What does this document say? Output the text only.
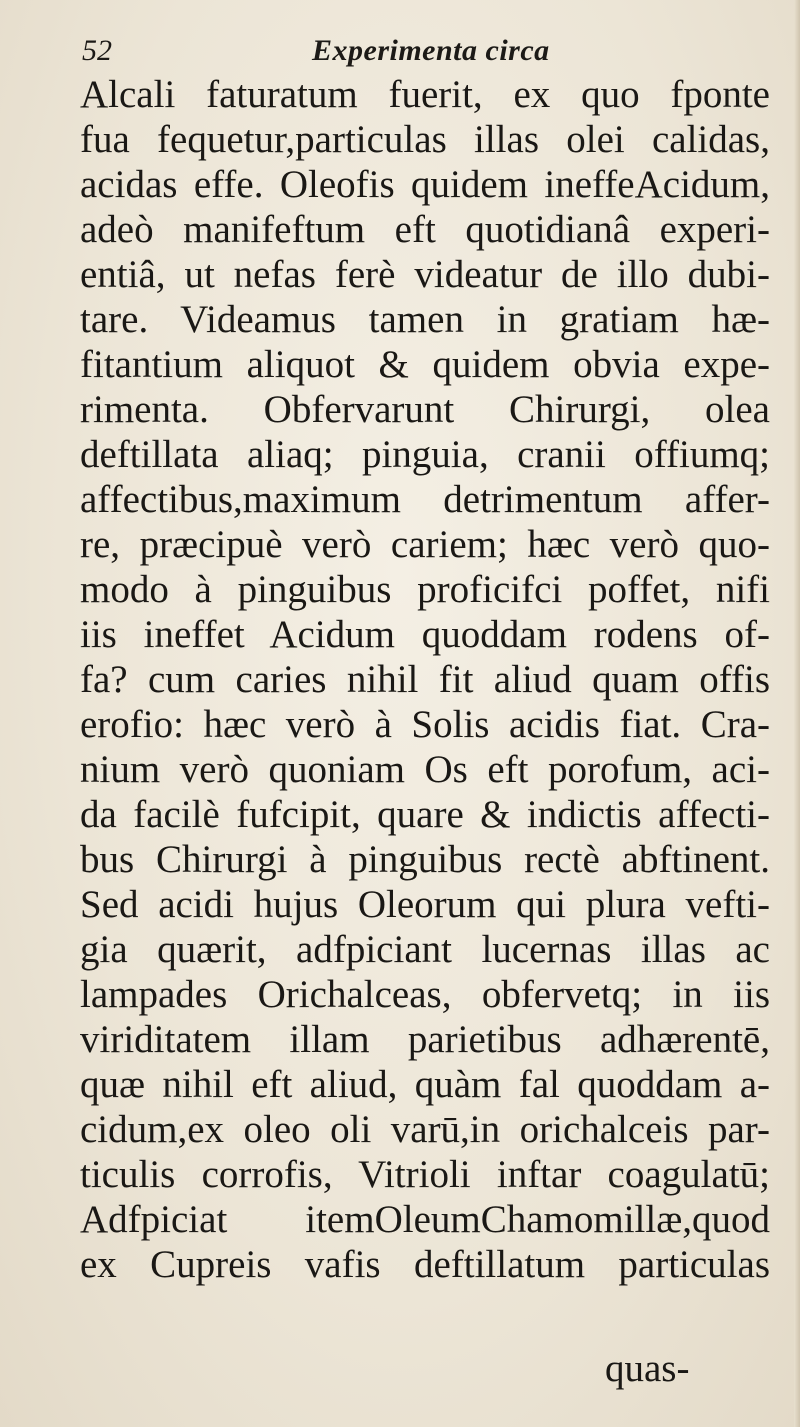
52	Experimenta circa
Alcali faturatum fuerit, ex quo fponte
fua fequetur,particulas illas olei calidas,
acidas effe. Oleofis quidem ineffeAcidum,
adeò manifeftum eft quotidianâ experi-
entiâ, ut nefas ferè videatur de illo dubi-
tare. Videamus tamen in gratiam hæ-
fitantium aliquot & quidem obvia expe-
rimenta. Obfervarunt Chirurgi, olea
deftillata aliaq; pinguia, cranii offiumq;
affectibus,maximum detrimentum affer-
re, præcipuè verò cariem; hæc verò quo-
modo à pinguibus proficifci poffet, nifi
iis ineffet Acidum quoddam rodens of-
fa? cum caries nihil fit aliud quam offis
erofio: hæc verò à Solis acidis fiat. Cra-
nium verò quoniam Os eft porofum, aci-
da facilè fufcipit, quare & indictis affecti-
bus Chirurgi à pinguibus rectè abftinent.
Sed acidi hujus Oleorum qui plura vefti-
gia quærit, adfpiciant lucernas illas ac
lampades Orichalceas, obfervetq; in iis
viriditatem illam parietibus adhærentē,
quæ nihil eft aliud, quàm fal quoddam a-
cidum,ex oleo oli varū,in orichalceis par-
ticulis corrofis, Vitrioli inftar coagulatū;
Adfpiciat itemOleumChamomillæ,quod
ex Cupreis vafis deftillatum particulas
quas-
